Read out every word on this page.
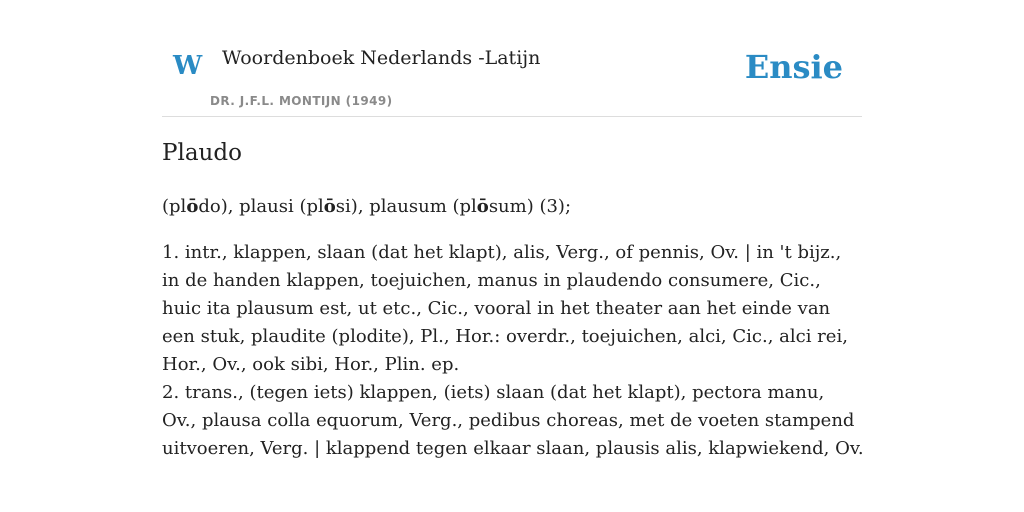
W Woordenboek Nederlands -Latijn
DR. J.F.L. MONTIJN (1949)
Ensie
Plaudo

(plōdo), plausi (plōsi), plausum (plōsum) (3);

1. intr., klappen, slaan (dat het klapt), alis, Verg., of pennis, Ov. | in 't bijz., in de handen klappen, toejuichen, manus in plaudendo consumere, Cic., huic ita plausum est, ut etc., Cic., vooral in het theater aan het einde van een stuk, plaudite (plodite), Pl., Hor.: overdr., toejuichen, alci, Cic., alci rei, Hor., Ov., ook sibi, Hor., Plin. ep.

2. trans., (tegen iets) klappen, (iets) slaan (dat het klapt), pectora manu, Ov., plausa colla equorum, Verg., pedibus choreas, met de voeten stampend uitvoeren, Verg. | klappend tegen elkaar slaan, plausis alis, klapwiekend, Ov.
